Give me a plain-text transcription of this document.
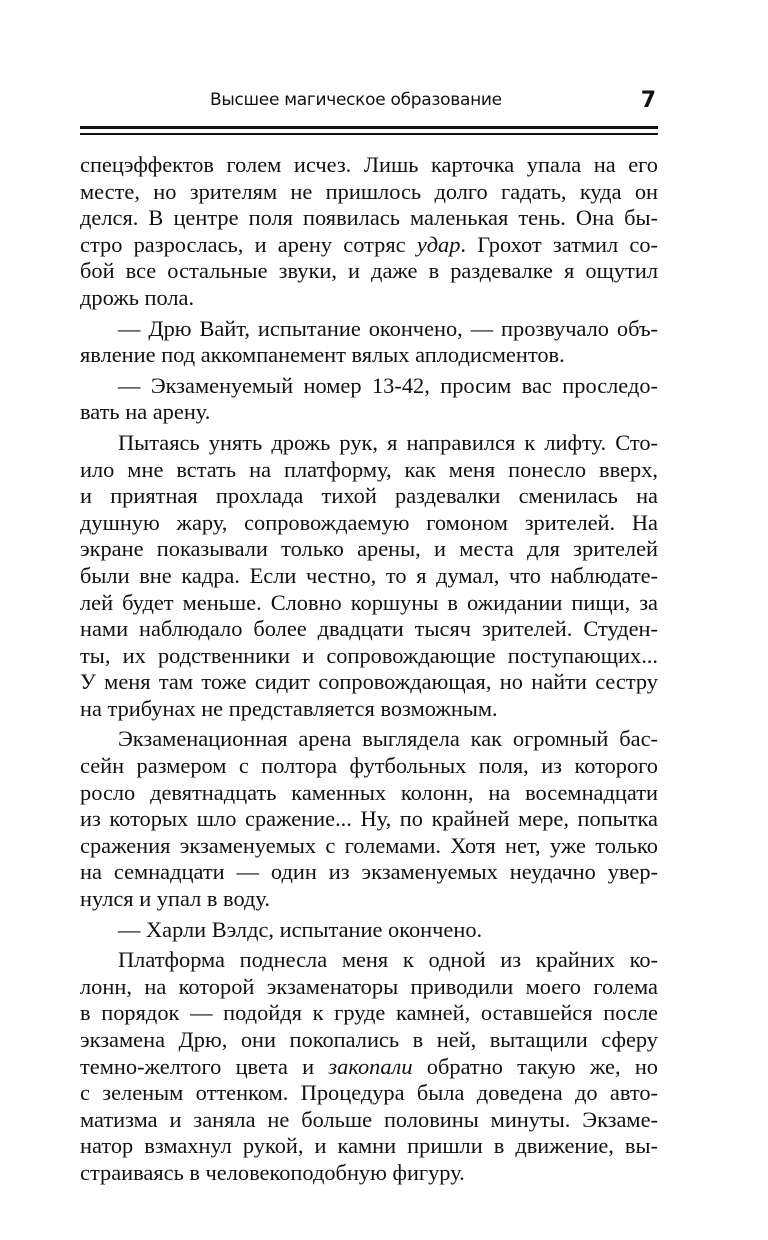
Высшее магическое образование	7
спецэффектов голем исчез. Лишь карточка упала на его
месте, но зрителям не пришлось долго гадать, куда он
делся. В центре поля появилась маленькая тень. Она бы-
стро разрослась, и арену сотряс удар. Грохот затмил со-
бой все остальные звуки, и даже в раздевалке я ощутил
дрожь пола.
— Дрю Вайт, испытание окончено, — прозвучало объ-
явление под аккомпанемент вялых аплодисментов.
— Экзаменуемый номер 13-42, просим вас проследо-
вать на арену.
Пытаясь унять дрожь рук, я направился к лифту. Сто-
ило мне встать на платформу, как меня понесло вверх,
и приятная прохлада тихой раздевалки сменилась на
душную жару, сопровождаемую гомоном зрителей. На
экране показывали только арены, и места для зрителей
были вне кадра. Если честно, то я думал, что наблюдате-
лей будет меньше. Словно коршуны в ожидании пищи, за
нами наблюдало более двадцати тысяч зрителей. Студен-
ты, их родственники и сопровождающие поступающих...
У меня там тоже сидит сопровождающая, но найти сестру
на трибунах не представляется возможным.
Экзаменационная арена выглядела как огромный бас-
сейн размером с полтора футбольных поля, из которого
росло девятнадцать каменных колонн, на восемнадцати
из которых шло сражение... Ну, по крайней мере, попытка
сражения экзаменуемых с големами. Хотя нет, уже только
на семнадцати — один из экзаменуемых неудачно увер-
нулся и упал в воду.
— Харли Вэлдс, испытание окончено.
Платформа поднесла меня к одной из крайних ко-
лонн, на которой экзаменаторы приводили моего голема
в порядок — подойдя к груде камней, оставшейся после
экзамена Дрю, они покопались в ней, вытащили сферу
темно-желтого цвета и закопали обратно такую же, но
с зеленым оттенком. Процедура была доведена до авто-
матизма и заняла не больше половины минуты. Экзаме-
натор взмахнул рукой, и камни пришли в движение, вы-
страиваясь в человекоподобную фигуру.
